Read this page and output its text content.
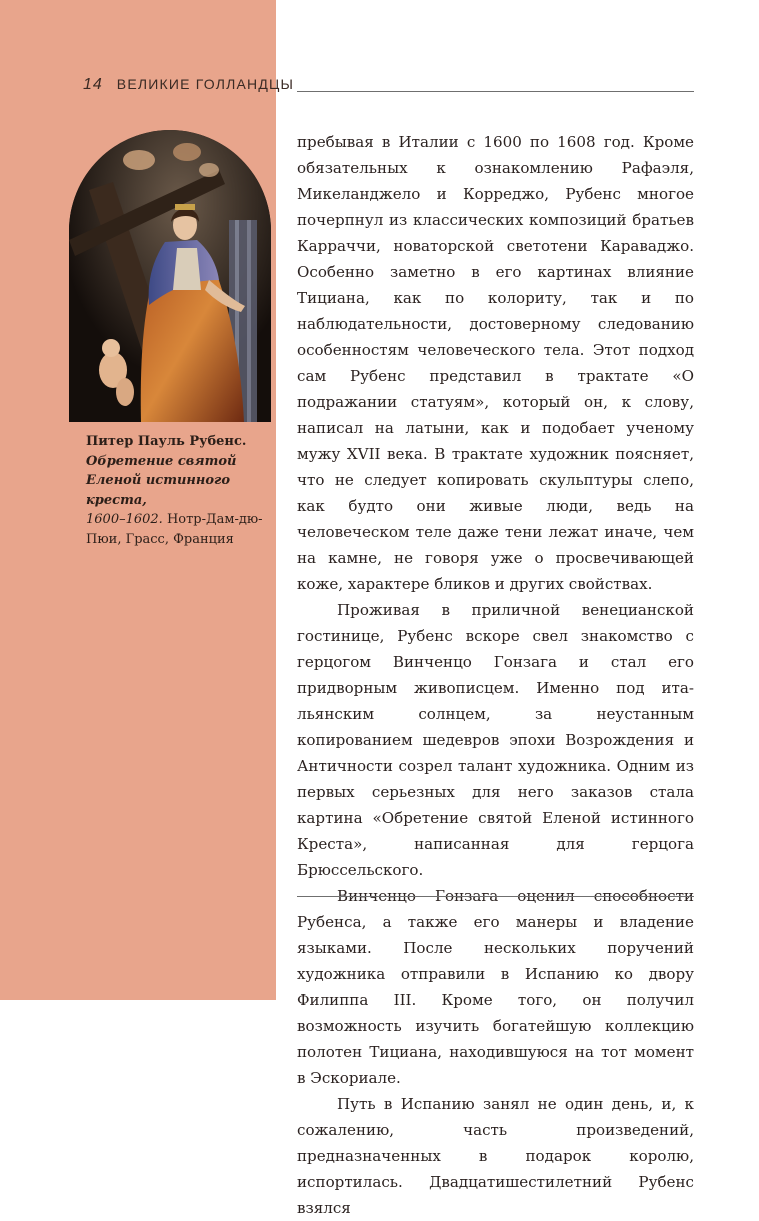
14 ВЕЛИКИЕ ГОЛЛАНДЦЫ
Питер Пауль Рубенс.
Обретение святой Еленой истинного креста,
1600–1602. Нотр-Дам-дю-Пюи, Грасс, Франция

пребывая в Италии с 1600 по 1608 год. Кроме обязательных к ознакомлению Рафаэля, Микеланджело и Корреджо, Рубенс многое почерпнул из классических композиций братьев Карраччи, новаторской светотени Караваджо. Особенно заметно в его картинах влияние Тициана, как по колориту, так и по наблюдательности, достоверному следованию особенностям человеческого тела. Этот подход сам Рубенс представил в трактате «О подражании статуям», который он, к слову, написал на латыни, как и подобает ученому мужу XVII века. В трактате художник поясняет, что не следует копировать скульптуры слепо, как будто они живые люди, ведь на человеческом теле даже тени лежат иначе, чем на камне, не говоря уже о просвечивающей коже, характере бликов и других свойствах.

Проживая в приличной венецианской гостинице, Рубенс вскоре свел знакомство с герцогом Винченцо Гонзага и стал его придворным живописцем. Именно под итальянским солнцем, за неустанным копированием шедевров эпохи Возрождения и Античности созрел талант художника. Одним из первых серьезных для него заказов стала картина «Обретение святой Еленой истинного Креста», написанная для герцога Брюссельского.

Винченцо Гонзага оценил способности Рубенса, а также его манеры и владение языками. После нескольких поручений художника отправили в Испанию ко двору Филиппа III. Кроме того, он получил возможность изучить богатейшую коллекцию полотен Тициана, находившуюся на тот момент в Эскориале.

Путь в Испанию занял не один день, и, к сожалению, часть произведений, предназначенных в подарок королю, испортилась. Двадцатишестилетний Рубенс взялся
